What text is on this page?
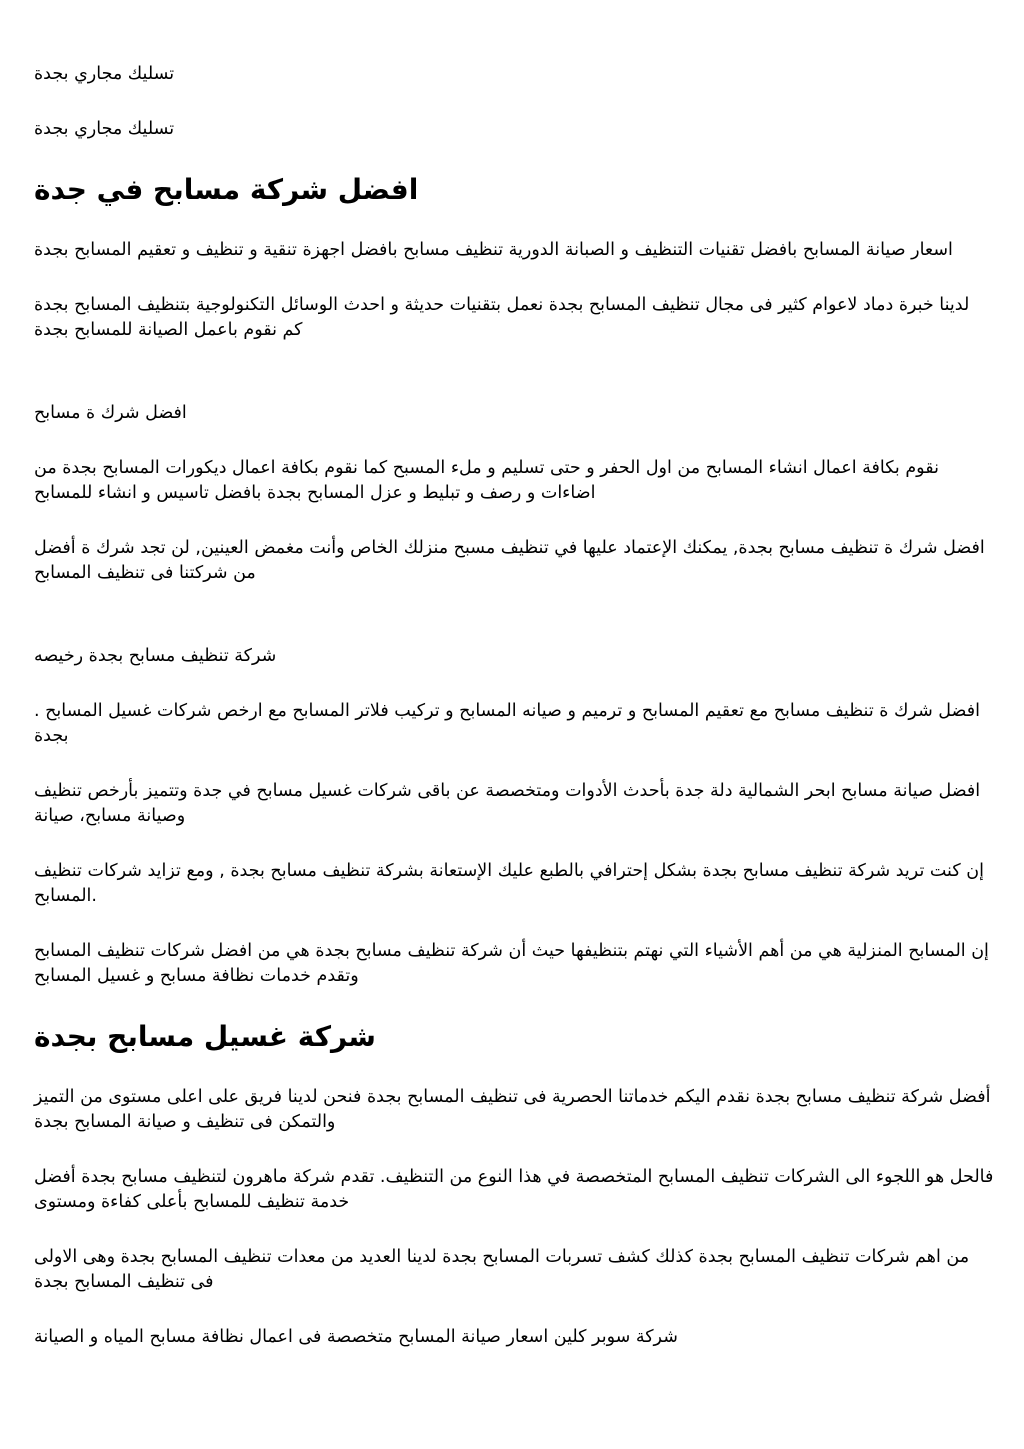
تسليك مجاري بجدة

تسليك مجاري بجدة

افضل شركة مسابح في جدة

اسعار صيانة المسابح بافضل تقنيات التنظيف و الصبانة الدورية تنظيف مسابح بافضل اجهزة تنقية و تنظيف و تعقيم المسابح بجدة

لدينا خبرة دماد لاعوام كثير فى مجال تنظيف المسابح بجدة نعمل بتقنيات حديثة و احدث الوسائل التكنولوجية بتنظيف المسابح بجدة كم نقوم باعمل الصيانة للمسابح بجدة

افضل شرك ة مسابح

نقوم بكافة اعمال انشاء المسابح من اول الحفر و حتى تسليم و ملء المسبح كما نقوم بكافة اعمال ديكورات المسابح بجدة من اضاءات و رصف و تبليط و عزل المسابح بجدة بافضل تاسيس و انشاء للمسابح

افضل شرك ة تنظيف مسابح بجدة, يمكنك الإعتماد عليها في تنظيف مسبح منزلك الخاص وأنت مغمض العينين, لن تجد شرك ة أفضل من شركتنا فى تنظيف المسابح

شركة تنظيف مسابح بجدة رخيصه

. افضل شرك ة تنظيف مسابح مع تعقيم المسابح و ترميم و صيانه المسابح و تركيب فلاتر المسابح مع ارخص شركات غسيل المسابح بجدة

افضل صيانة مسابح ابحر الشمالية دلة جدة بأحدث الأدوات ومتخصصة عن باقى شركات غسيل مسابح في جدة وتتميز بأرخص تنظيف وصيانة مسابح، صيانة

إن كنت تريد شركة تنظيف مسابح بجدة بشكل إحترافي بالطبع عليك الإستعانة بشركة تنظيف مسابح بجدة , ومع تزايد شركات تنظيف المسابح.

إن المسابح المنزلية هي من أهم الأشياء التي نهتم بتنظيفها حيث أن شركة تنظيف مسابح بجدة هي من افضل شركات تنظيف المسابح وتقدم خدمات نظافة مسابح و غسيل المسابح

شركة غسيل مسابح بجدة

أفضل شركة تنظيف مسابح بجدة نقدم اليكم خدماتنا الحصرية فى تنظيف المسابح بجدة فنحن لدينا فريق على اعلى مستوى من التميز والتمكن فى تنظيف و صيانة المسابح بجدة

فالحل هو اللجوء الى الشركات تنظيف المسابح المتخصصة في هذا النوع من التنظيف. تقدم شركة ماهرون لتنظيف مسابح بجدة أفضل خدمة تنظيف للمسابح بأعلى كفاءة ومستوى

من اهم شركات تنظيف المسابح بجدة كذلك كشف تسربات المسابح بجدة لدينا العديد من معدات تنظيف المسابح بجدة وهى الاولى فى تنظيف المسابح بجدة

شركة سوبر كلين اسعار صيانة المسابح متخصصة فى اعمال نظافة مسابح المياه و الصيانة
